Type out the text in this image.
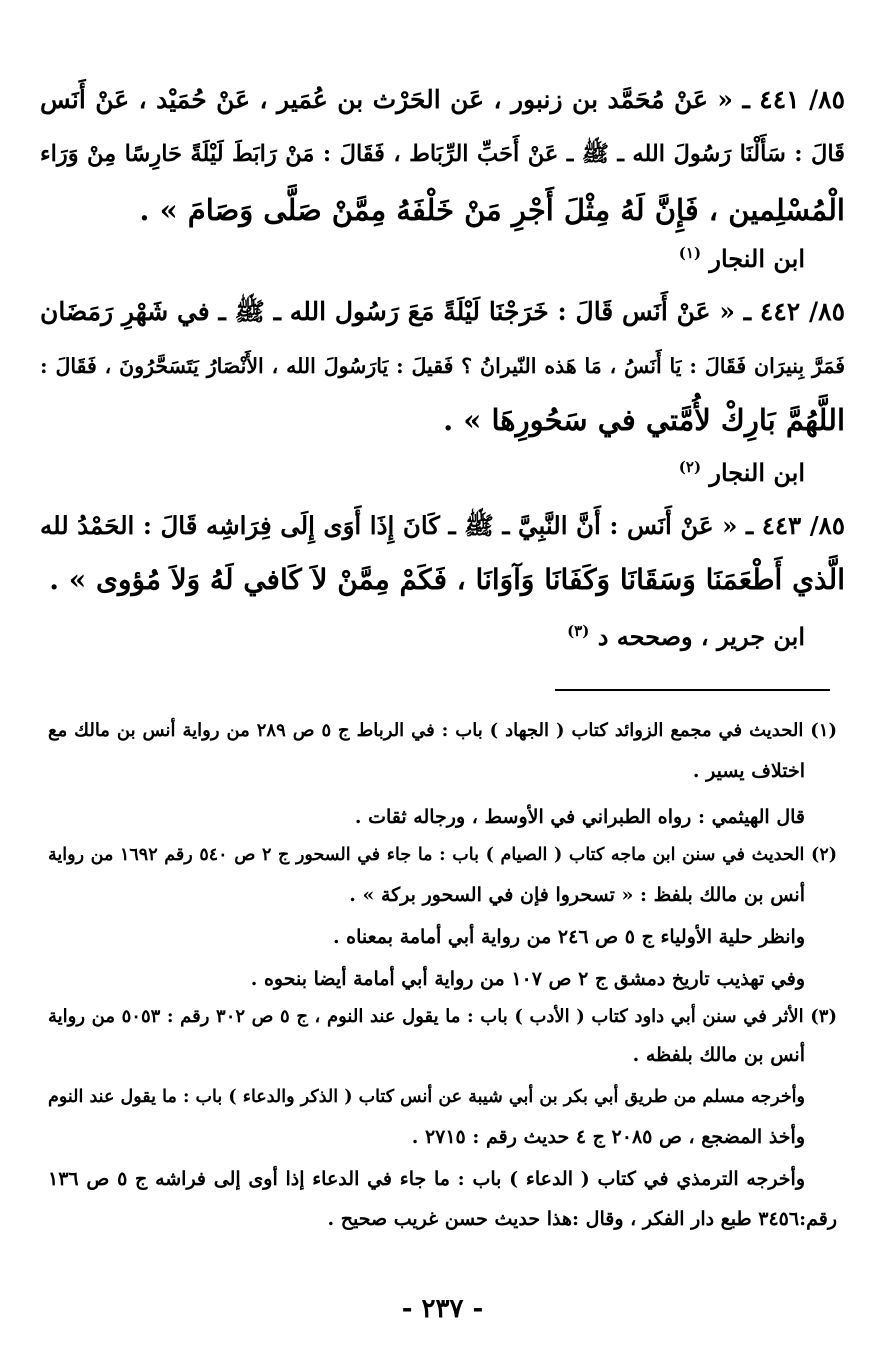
٨٥/ ٤٤١ ـ « عَنْ مُحَمَّد بن زنبور ، عَن الحَرْث بن عُمَير ، عَنْ حُمَيْد ، عَنْ أَنَس
قَالَ : سَأَلْنَا رَسُولَ الله ـ ﷺ ـ عَنْ أَحَبِّ الرِّبَاط ، فَقَالَ : مَنْ رَابَطَ لَيْلَةً حَارِسًا مِنْ وَرَاء
الْمُسْلِمين ، فَإِنَّ لَهُ مِثْلَ أَجْرِ مَنْ خَلْفَهُ مِمَّنْ صَلَّى وَصَامَ » .
ابن النجار $^{(١)}$
٨٥/ ٤٤٢ ـ « عَنْ أَنَس قَالَ : خَرَجْنَا لَيْلَةً مَعَ رَسُول الله ـ ﷺ ـ في شَهْرِ رَمَضَان
فَمَرَّ بِنيرَان فَقَالَ : يَا أَنَسُ ، مَا هَذه النّيرانُ ؟ فَقيلَ : يَارَسُولَ الله ، الأَنْصَارُ يَتَسَحَّرُونَ ، فَقَالَ :
اللَّهُمَّ بَارِكْ لأُمَّتي في سَحُورِهَا » .
ابن النجار $^{(٢)}$
٨٥/ ٤٤٣ ـ « عَنْ أَنَس : أَنَّ النَّبِيَّ ـ ﷺ ـ كَانَ إِذَا أَوَى إِلَى فِرَاشِه قَالَ : الحَمْدُ لله
الَّذي أَطْعَمَنَا وَسَقَانَا وَكَفَانَا وَآوَانَا ، فَكَمْ مِمَّنْ لاَ كَافي لَهُ وَلاَ مُؤوى » .
ابن جرير ، وصححه د $^{(٣)}$
(١) الحديث في مجمع الزوائد كتاب ( الجهاد ) باب : في الرباط ج ٥ ص ٢٨٩ من رواية أنس بن مالك مع
اختلاف يسير .
قال الهيثمي : رواه الطبراني في الأوسط ، ورجاله ثقات .
(٢) الحديث في سنن ابن ماجه كتاب ( الصيام ) باب : ما جاء في السحور ج ٢ ص ٥٤٠ رقم ١٦٩٢ من رواية
أنس بن مالك بلفظ : « تسحروا فإن في السحور بركة » .
وانظر حلية الأولياء ج ٥ ص ٢٤٦ من رواية أبي أمامة بمعناه .
وفي تهذيب تاريخ دمشق ج ٢ ص ١٠٧ من رواية أبي أمامة أيضا بنحوه .
(٣) الأثر في سنن أبي داود كتاب ( الأدب ) باب : ما يقول عند النوم ، ج ٥ ص ٣٠٢ رقم : ٥٠٥٣ من رواية
أنس بن مالك بلفظه .
وأخرجه مسلم من طريق أبي بكر بن أبي شيبة عن أنس كتاب ( الذكر والدعاء ) باب : ما يقول عند النوم
وأخذ المضجع ، ص ٢٠٨٥ ج ٤ حديث رقم : ٢٧١٥ .
وأخرجه الترمذي في كتاب ( الدعاء ) باب : ما جاء في الدعاء إذا أوى إلى فراشه ج ٥ ص ١٣٦
رقم:٣٤٥٦ طبع دار الفكر ، وقال :هذا حديث حسن غريب صحيح .
- ٢٣٧ -
